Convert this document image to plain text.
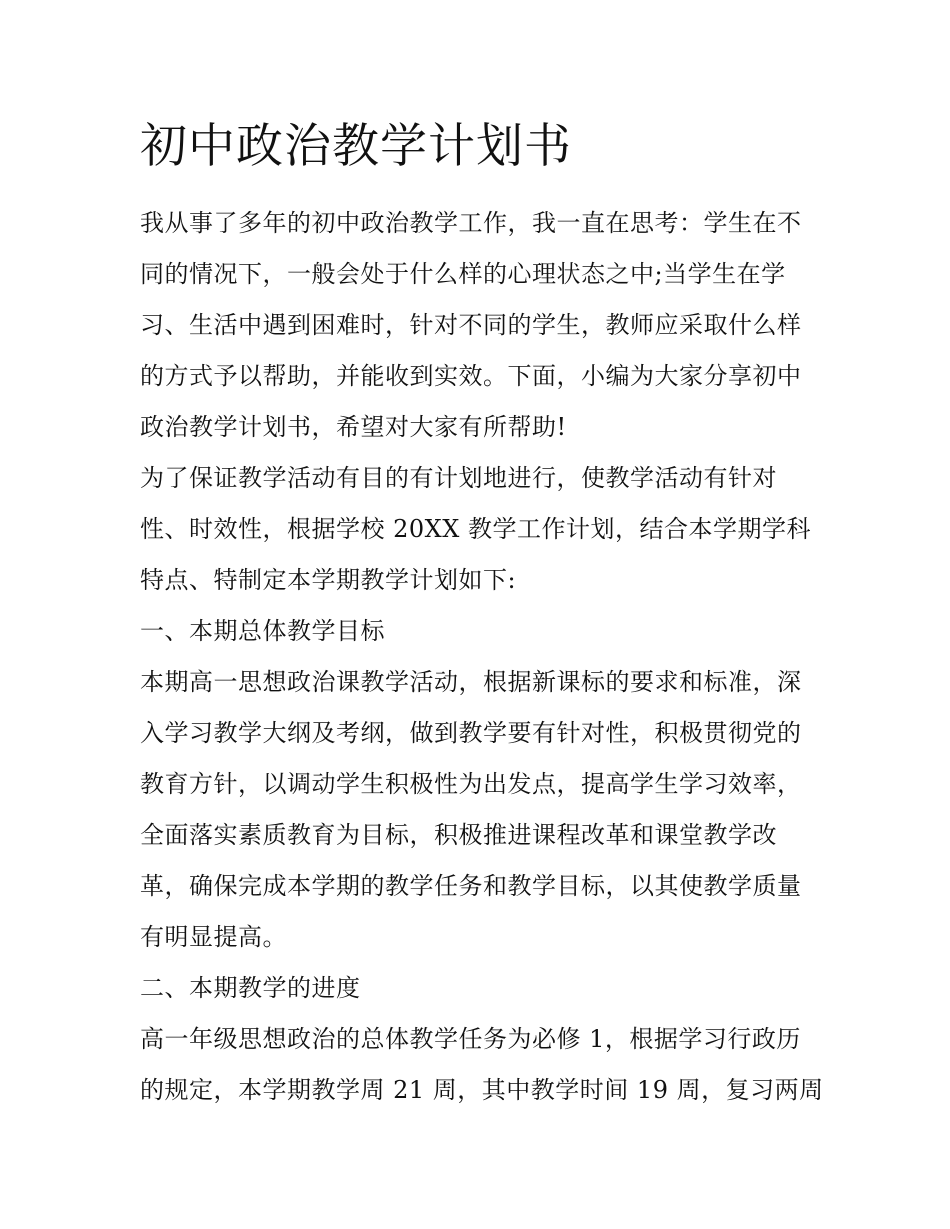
初中政治教学计划书
我从事了多年的初中政治教学工作，我一直在思考：学生在不
同的情况下，一般会处于什么样的心理状态之中;当学生在学
习、生活中遇到困难时，针对不同的学生，教师应采取什么样
的方式予以帮助，并能收到实效。下面，小编为大家分享初中
政治教学计划书，希望对大家有所帮助!
为了保证教学活动有目的有计划地进行，使教学活动有针对
性、时效性，根据学校 20XX 教学工作计划，结合本学期学科
特点、特制定本学期教学计划如下:
一、本期总体教学目标
本期高一思想政治课教学活动，根据新课标的要求和标准，深
入学习教学大纲及考纲，做到教学要有针对性，积极贯彻党的
教育方针，以调动学生积极性为出发点，提高学生学习效率，
全面落实素质教育为目标，积极推进课程改革和课堂教学改
革，确保完成本学期的教学任务和教学目标，以其使教学质量
有明显提高。
二、本期教学的进度
高一年级思想政治的总体教学任务为必修 1，根据学习行政历
的规定，本学期教学周 21 周，其中教学时间 19 周，复习两周
